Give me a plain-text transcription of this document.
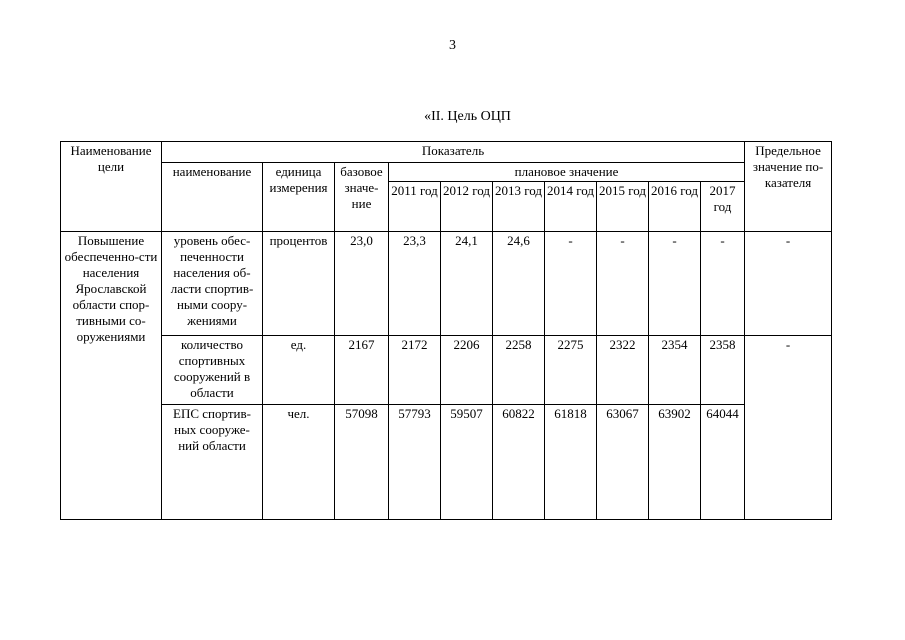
3
«II. Цель ОЦП
Наименование цели	Показатель										Предельное значение по-казателя
	наименование	единица измерения	базовое значе-ние	плановое значение							
				2011 год	2012 год	2013 год	2014 год	2015 год	2016 год	2017 год	
Повышение обеспеченно-сти населения Ярославской области спор-тивными со-оружениями	уровень обес-печенности населения об-ласти спортив-ными соору-жениями	процентов	23,0	23,3	24,1	24,6	-	-	-	-	-
	количество спортивных сооружений в области	ед.	2167	2172	2206	2258	2275	2322	2354	2358	-
	ЕПС спортив-ных сооруже-ний области	чел.	57098	57793	59507	60822	61818	63067	63902	64044	
